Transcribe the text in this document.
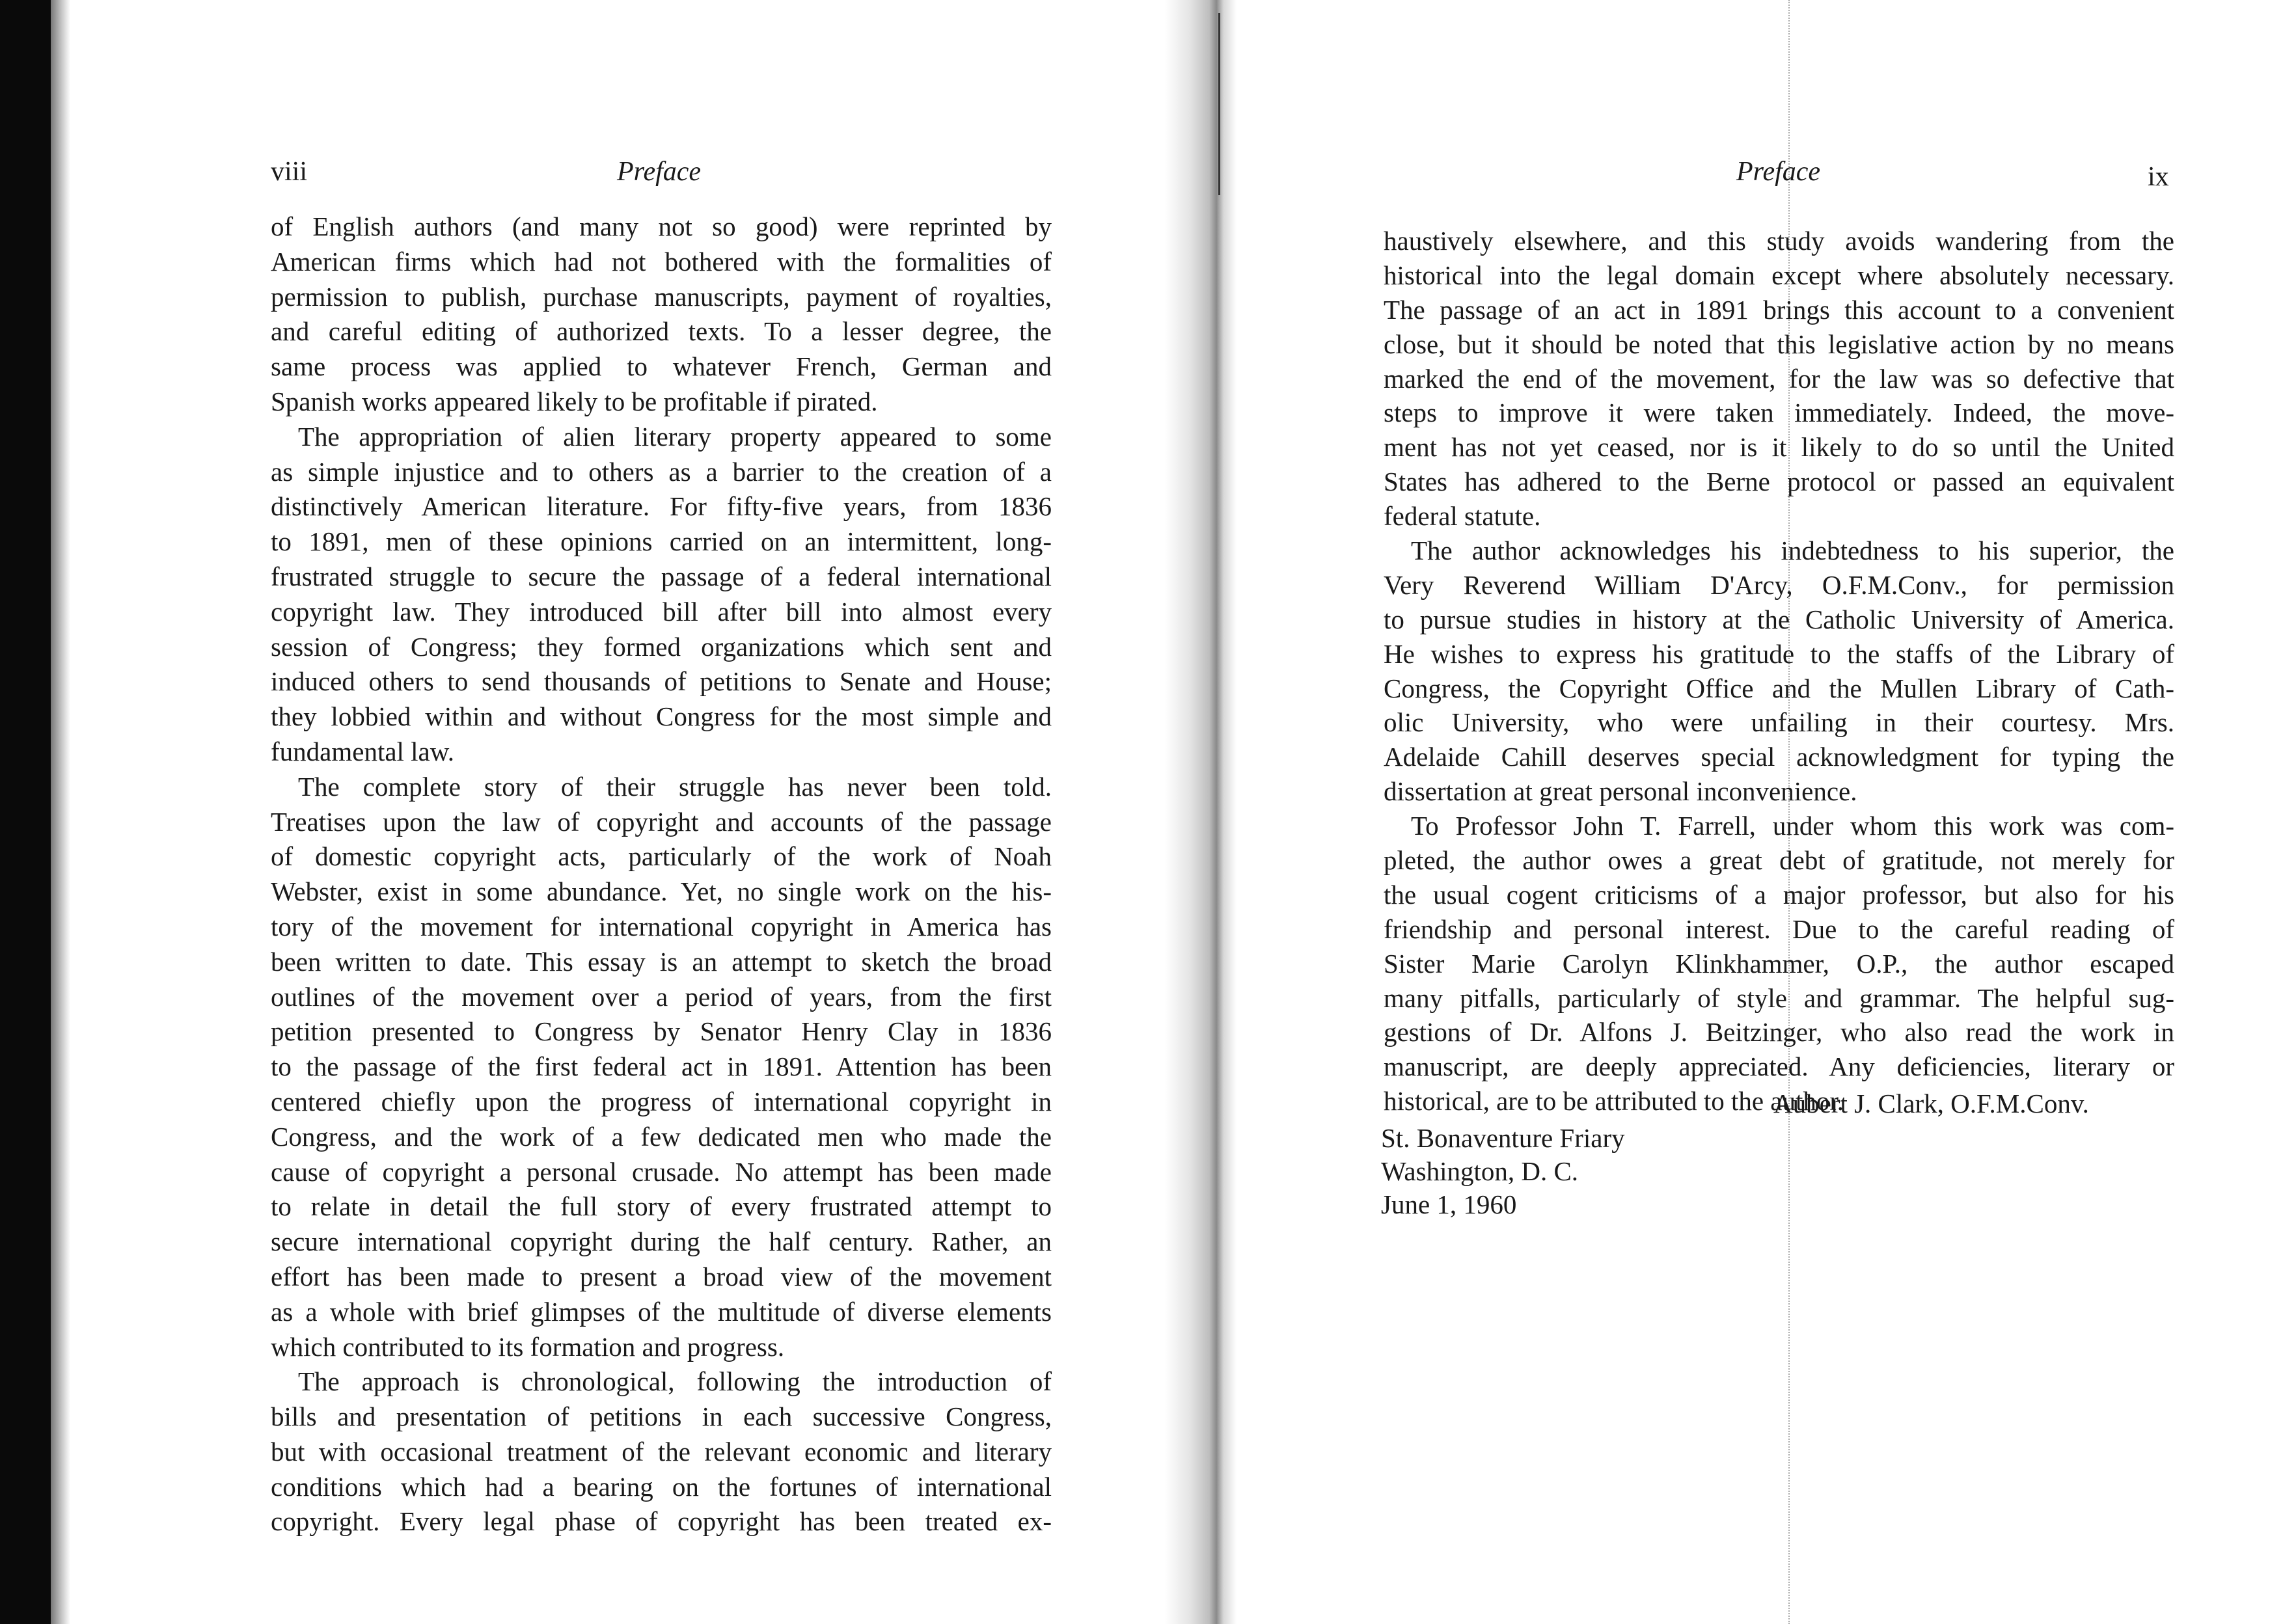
viii	Preface
of English authors (and many not so good) were reprinted by
American firms which had not bothered with the formalities of
permission to publish, purchase manuscripts, payment of royalties,
and careful editing of authorized texts. To a lesser degree, the
same process was applied to whatever French, German and
Spanish works appeared likely to be profitable if pirated.
The appropriation of alien literary property appeared to some
as simple injustice and to others as a barrier to the creation of a
distinctively American literature. For fifty-five years, from 1836
to 1891, men of these opinions carried on an intermittent, long-
frustrated struggle to secure the passage of a federal international
copyright law. They introduced bill after bill into almost every
session of Congress; they formed organizations which sent and
induced others to send thousands of petitions to Senate and House;
they lobbied within and without Congress for the most simple and
fundamental law.
The complete story of their struggle has never been told.
Treatises upon the law of copyright and accounts of the passage
of domestic copyright acts, particularly of the work of Noah
Webster, exist in some abundance. Yet, no single work on the his-
tory of the movement for international copyright in America has
been written to date. This essay is an attempt to sketch the broad
outlines of the movement over a period of years, from the first
petition presented to Congress by Senator Henry Clay in 1836
to the passage of the first federal act in 1891. Attention has been
centered chiefly upon the progress of international copyright in
Congress, and the work of a few dedicated men who made the
cause of copyright a personal crusade. No attempt has been made
to relate in detail the full story of every frustrated attempt to
secure international copyright during the half century. Rather, an
effort has been made to present a broad view of the movement
as a whole with brief glimpses of the multitude of diverse elements
which contributed to its formation and progress.
The approach is chronological, following the introduction of
bills and presentation of petitions in each successive Congress,
but with occasional treatment of the relevant economic and literary
conditions which had a bearing on the fortunes of international
copyright. Every legal phase of copyright has been treated ex-
Preface	ix
haustively elsewhere, and this study avoids wandering from the
historical into the legal domain except where absolutely necessary.
The passage of an act in 1891 brings this account to a convenient
close, but it should be noted that this legislative action by no means
marked the end of the movement, for the law was so defective that
steps to improve it were taken immediately. Indeed, the move-
ment has not yet ceased, nor is it likely to do so until the United
States has adhered to the Berne protocol or passed an equivalent
federal statute.
The author acknowledges his indebtedness to his superior, the
Very Reverend William D'Arcy, O.F.M.Conv., for permission
to pursue studies in history at the Catholic University of America.
He wishes to express his gratitude to the staffs of the Library of
Congress, the Copyright Office and the Mullen Library of Cath-
olic University, who were unfailing in their courtesy. Mrs.
Adelaide Cahill deserves special acknowledgment for typing the
dissertation at great personal inconvenience.
To Professor John T. Farrell, under whom this work was com-
pleted, the author owes a great debt of gratitude, not merely for
the usual cogent criticisms of a major professor, but also for his
friendship and personal interest. Due to the careful reading of
Sister Marie Carolyn Klinkhammer, O.P., the author escaped
many pitfalls, particularly of style and grammar. The helpful sug-
gestions of Dr. Alfons J. Beitzinger, who also read the work in
manuscript, are deeply appreciated. Any deficiencies, literary or
historical, are to be attributed to the author.
Aubert J. Clark, O.F.M.Conv.
St. Bonaventure Friary
Washington, D. C.
June 1, 1960
